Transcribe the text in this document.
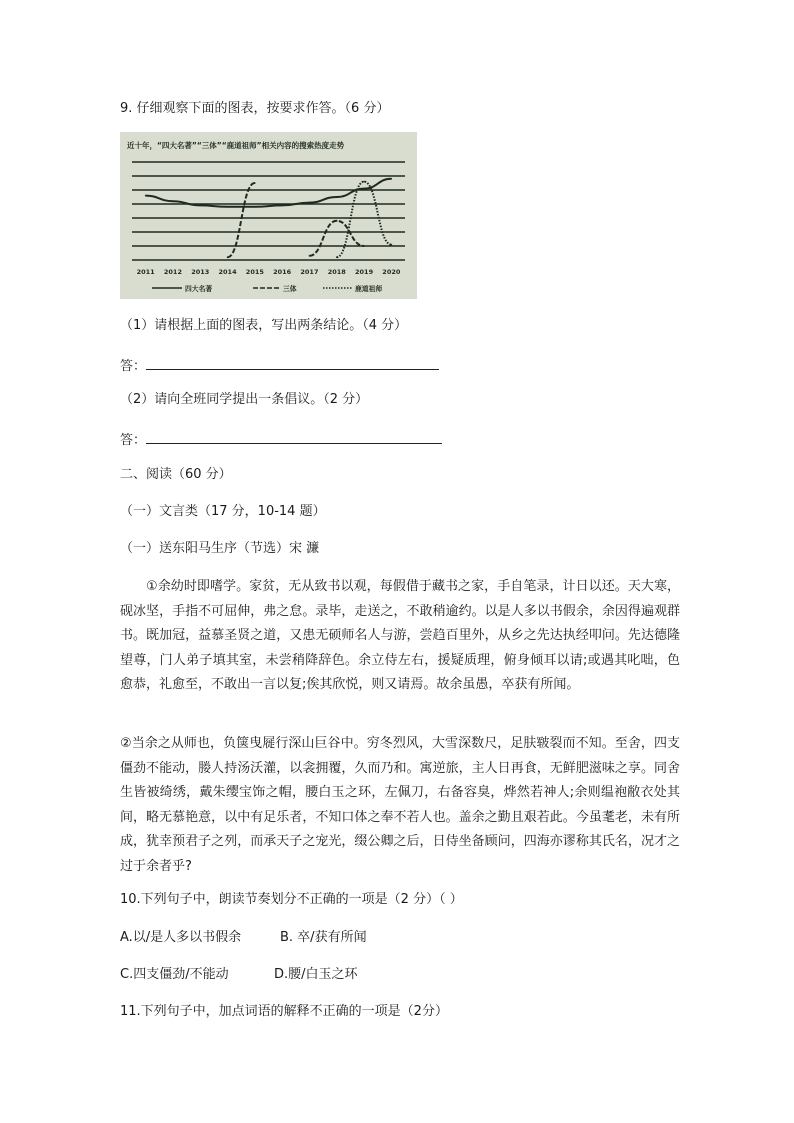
9. 仔细观察下面的图表，按要求作答。（6 分）
2011 2012 2013 2014 2015 2016 2017 2018 2019 2020
四大名著	三体	鹿道祖师
近十年，“四大名著”“三体”“鹿道祖师”相关内容的搜索热度走势
（1）请根据上面的图表，写出两条结论。（4 分）
答：
（2）请向全班同学提出一条倡议。（2 分）
答：
二、阅读（60 分）
（一）文言类（17 分，10-14 题）
（一）送东阳马生序（节选）宋 濂
①余幼时即嗜学。家贫，无从致书以观，每假借于藏书之家，手自笔录，计日以还。天大寒，砚冰坚，手指不可屈伸，弗之怠。录毕，走送之，不敢稍逾约。以是人多以书假余，余因得遍观群书。既加冠，益慕圣贤之道，又患无硕师名人与游，尝趋百里外，从乡之先达执经叩问。先达德隆望尊，门人弟子填其室，未尝稍降辞色。余立侍左右，援疑质理，俯身倾耳以请;或遇其叱咄，色愈恭，礼愈至，不敢出一言以复;俟其欣悦，则又请焉。故余虽愚，卒获有所闻。
②当余之从师也，负箧曳屣行深山巨谷中。穷冬烈风，大雪深数尺，足肤皲裂而不知。至舍，四支僵劲不能动，媵人持汤沃灌，以衾拥覆，久而乃和。寓逆旅，主人日再食，无鲜肥滋味之享。同舍生皆被绮绣，戴朱缨宝饰之帽，腰白玉之环，左佩刀，右备容臭，烨然若神人;余则缊袍敝衣处其间，略无慕艳意，以中有足乐者，不知口体之奉不若人也。盖余之勤且艰若此。今虽耄老，未有所成，犹幸预君子之列，而承天子之宠光，缀公卿之后，日侍坐备顾问，四海亦谬称其氏名，况才之过于余者乎?
10.下列句子中，朗读节奏划分不正确的一项是（2 分）（ ）
A.以/是人多以书假余	B. 卒/获有所闻
C.四支僵劲/不能动	D.腰/白玉之环
11.下列句子中，加点词语的解释不正确的一项是（2分）
